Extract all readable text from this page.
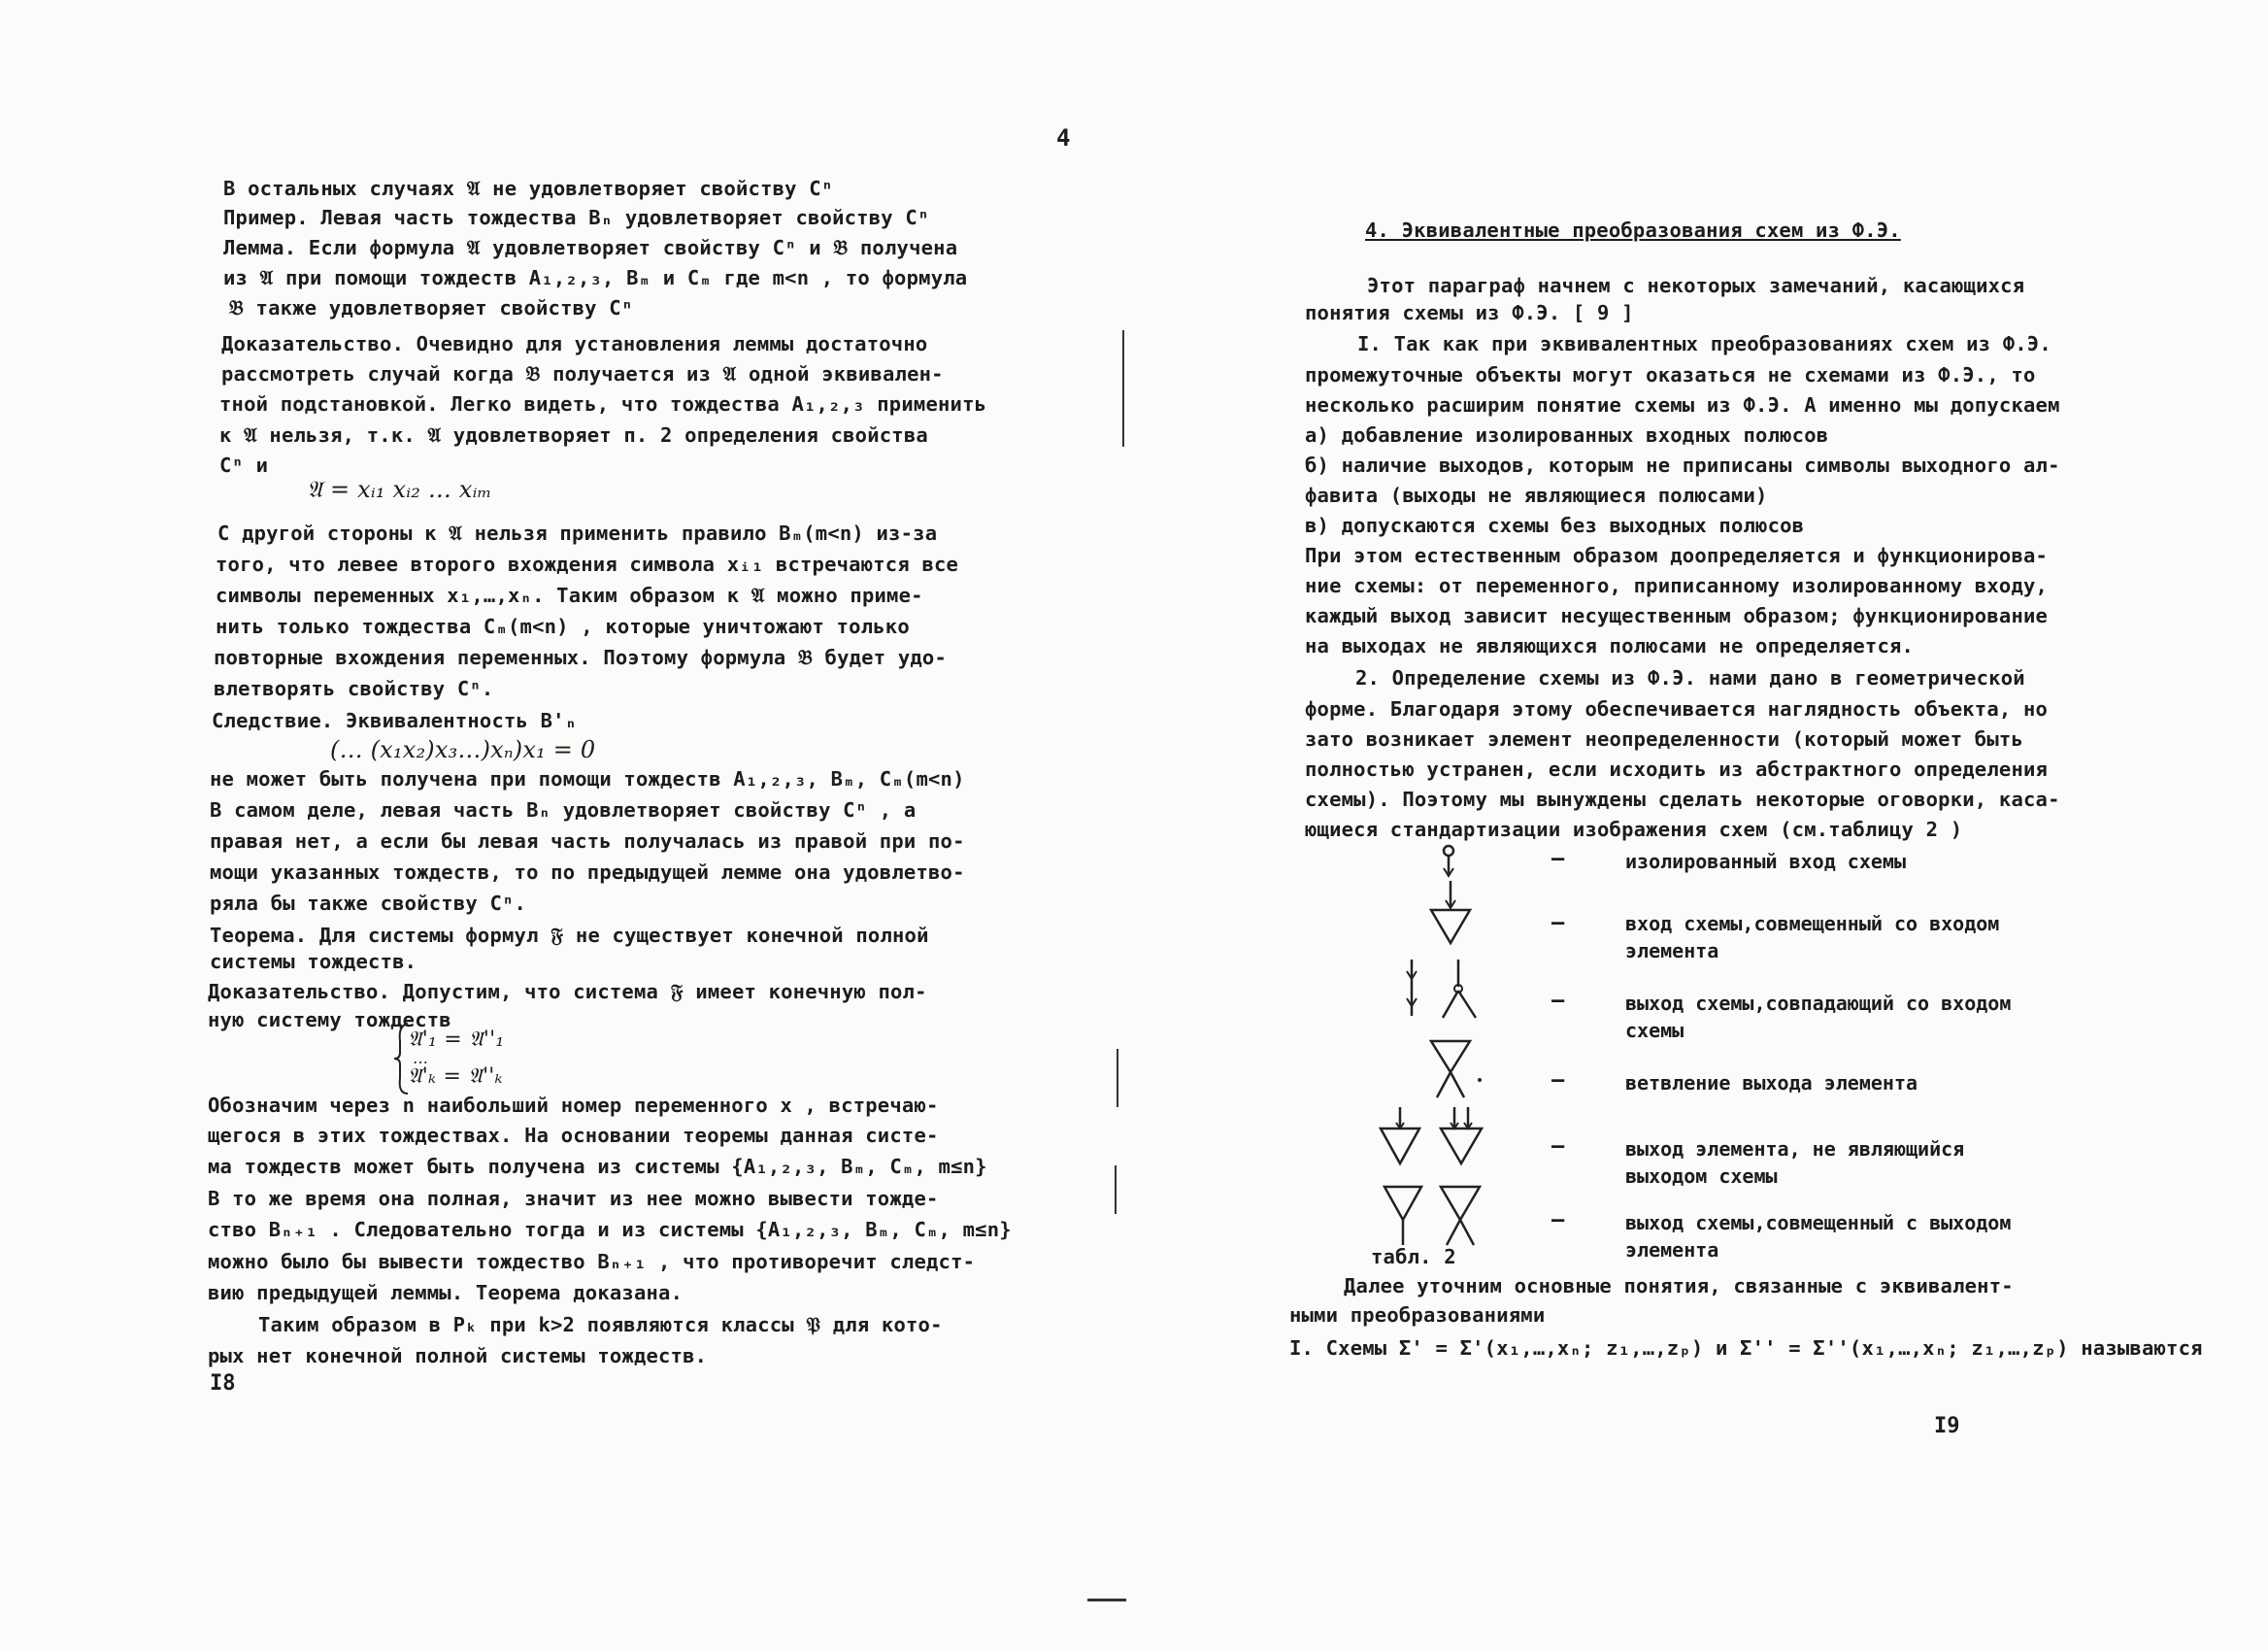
В остальных случаях 𝔄 не удовлетворяет свойству Cⁿ
Пример. Левая часть тождества Bₙ удовлетворяет свойству Cⁿ
Лемма. Если формула 𝔄 удовлетворяет свойству Cⁿ и 𝔅 получена
из 𝔄 при помощи тождеств A₁,₂,₃, Bₘ и Cₘ где m<n , то формула
𝔅 также удовлетворяет свойству Cⁿ
Доказательство. Очевидно для установления леммы достаточно
рассмотреть случай когда 𝔅 получается из 𝔄 одной эквивален-
тной подстановкой. Легко видеть, что тождества A₁,₂,₃ применить
к 𝔄 нельзя, т.к. 𝔄 удовлетворяет п. 2 определения свойства
Cⁿ и
𝔄 = xᵢ₁ xᵢ₂ … xᵢₘ
С другой стороны к 𝔄 нельзя применить правило Bₘ(m<n) из-за
того, что левее второго вхождения символа xᵢ₁ встречаются все
символы переменных x₁,…,xₙ. Таким образом к 𝔄 можно приме-
нить только тождества Cₘ(m<n) , которые уничтожают только
повторные вхождения переменных. Поэтому формула 𝔅 будет удо-
влетворять свойству Cⁿ.
Следствие. Эквивалентность B'ₙ
(… (x₁x₂)x₃…)xₙ)x₁ = 0
не может быть получена при помощи тождеств A₁,₂,₃, Bₘ, Cₘ(m<n)
В самом деле, левая часть Bₙ удовлетворяет свойству Cⁿ , а
правая нет, а если бы левая часть получалась из правой при по-
мощи указанных тождеств, то по предыдущей лемме она удовлетво-
ряла бы также свойству Cⁿ.
Теорема. Для системы формул 𝔉 не существует конечной полной
системы тождеств.
Доказательство. Допустим, что система 𝔉 имеет конечную пол-
ную систему тождеств
𝔄'₁ = 𝔄''₁
…
𝔄'ₖ = 𝔄''ₖ
Обозначим через n наибольший номер переменного x , встречаю-
щегося в этих тождествах. На основании теоремы данная систе-
ма тождеств может быть получена из системы {A₁,₂,₃, Bₘ, Cₘ, m≤n}
В то же время она полная, значит из нее можно вывести тожде-
ство Bₙ₊₁ . Следовательно тогда и из системы {A₁,₂,₃, Bₘ, Cₘ, m≤n}
можно было бы вывести тождество Bₙ₊₁ , что противоречит следст-
вию предыдущей леммы. Теорема доказана.
Таким образом в Pₖ при k>2 появляются классы 𝔓 для кото-
рых нет конечной полной системы тождеств.
I8
4
4. Эквивалентные преобразования схем из Ф.Э.
Этот параграф начнем с некоторых замечаний, касающихся
понятия схемы из Ф.Э. [ 9 ]
I. Так как при эквивалентных преобразованиях схем из Ф.Э.
промежуточные объекты могут оказаться не схемами из Ф.Э., то
несколько расширим понятие схемы из Ф.Э. А именно мы допускаем
а) добавление изолированных входных полюсов
б) наличие выходов, которым не приписаны символы выходного ал-
фавита (выходы не являющиеся полюсами)
в) допускаются схемы без выходных полюсов
При этом естественным образом доопределяется и функционирова-
ние схемы: от переменного, приписанному изолированному входу,
каждый выход зависит несущественным образом; функционирование
на выходах не являющихся полюсами не определяется.
2. Определение схемы из Ф.Э. нами дано в геометрической
форме. Благодаря этому обеспечивается наглядность объекта, но
зато возникает элемент неопределенности (который может быть
полностью устранен, если исходить из абстрактного определения
схемы). Поэтому мы вынуждены сделать некоторые оговорки, каса-
ющиеся стандартизации изображения схем (см.таблицу 2 )
—	изолированный вход схемы
—	вход схемы,совмещенный со входом
элемента
—	выход схемы,совпадающий со входом
схемы
—	ветвление выхода элемента
—	выход элемента, не являющийся
выходом схемы
—	выход схемы,совмещенный с выходом
элемента
табл. 2
Далее уточним основные понятия, связанные с эквивалент-
ными преобразованиями
I. Схемы Σ' = Σ'(x₁,…,xₙ; z₁,…,zₚ) и Σ'' = Σ''(x₁,…,xₙ; z₁,…,zₚ) называются
I9
